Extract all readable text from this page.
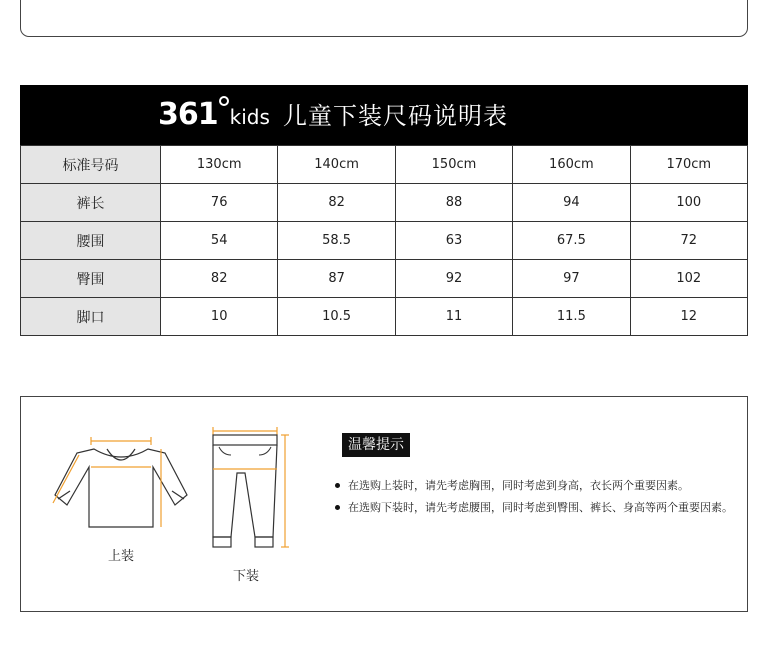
361 kids 儿童下装尺码说明表
标准号码	130cm	140cm	150cm	160cm	170cm
裤长	76	82	88	94	100
腰围	54	58.5	63	67.5	72
臀围	82	87	92	97	102
脚口	10	10.5	11	11.5	12
上装
下装
温馨提示
在选购上装时，请先考虑胸围，同时考虑到身高，衣长两个重要因素。
在选购下装时，请先考虑腰围，同时考虑到臀围、裤长、身高等两个重要因素。
